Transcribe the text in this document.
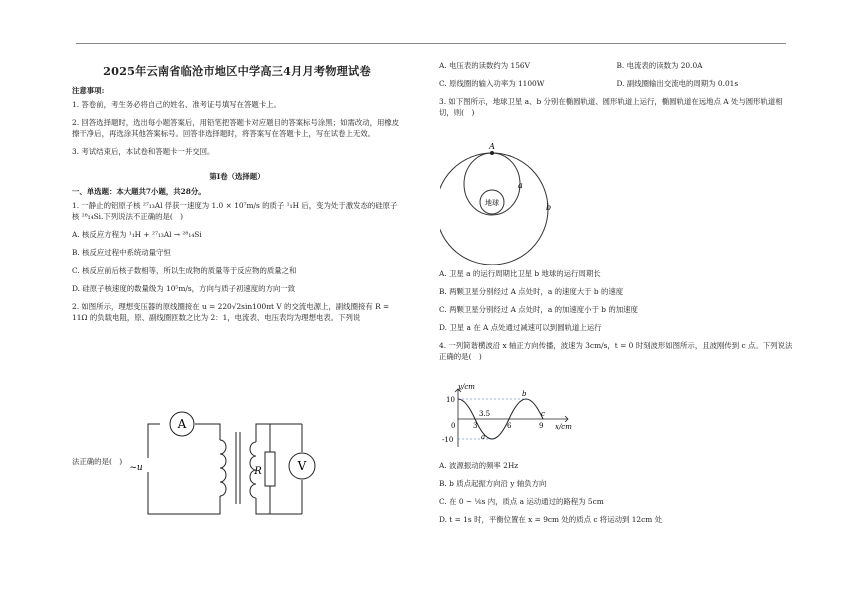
2025年云南省临沧市地区中学高三4月月考物理试卷
注意事项:
1. 答卷前，考生务必将自己的姓名、准考证号填写在答题卡上。
2. 回答选择题时，选出每小题答案后，用铅笔把答题卡对应题目的答案标号涂黑；如需改动，用橡皮擦干净后，再选涂其他答案标号。回答非选择题时，将答案写在答题卡上，写在试卷上无效。
3. 考试结束后，本试卷和答题卡一并交回。
第I卷（选择题）
一、单选题：本大题共7小题，共28分。
1. 一静止的铝原子核 ²⁷₁₃Al 俘获一速度为 1.0 × 10⁷m/s 的质子 ¹₁H 后，变为处于激发态的硅原子核 ²⁸₁₄Si.下列说法不正确的是(　)
A. 核反应方程为 ¹₁H + ²⁷₁₃Al → ²⁸₁₄Si
B. 核反应过程中系统动量守恒
C. 核反应前后核子数相等，所以生成物的质量等于反应物的质量之和
D. 硅原子核速度的数量级为 10⁵m/s，方向与质子初速度的方向一致
2. 如图所示，理想变压器的原线圈接在 u = 220√2sin100πt V 的交流电源上，副线圈接有 R = 11Ω 的负载电阻，原、副线圈匝数之比为 2：1，电流表、电压表均为理想电表。下列说
A
V
R
~u
法正确的是(　)
A. 电压表的读数约为 156V	B. 电流表的读数为 20.0A
C. 原线圈的输入功率为 1100W	D. 副线圈输出交流电的周期为 0.01s
3. 如下图所示，地球卫星 a、b 分别在椭圆轨道、圆形轨道上运行，椭圆轨道在远地点 A 处与圆形轨道相切，则(　)
A
a
b
地球
A. 卫星 a 的运行周期比卫星 b 地球的运行周期长
B. 两颗卫星分别经过 A 点处时，a 的速度大于 b 的速度
C. 两颗卫星分别经过 A 点处时，a 的加速度小于 b 的加速度
D. 卫星 a 在 A 点处通过减速可以到圆轨道上运行
4. 一列简谐横波沿 x 轴正方向传播，波速为 3cm/s，t = 0 时刻波形如图所示，且波刚传到 c 点。下列说法正确的是(　)
y/cm
x/cm
10
-10
0	3
3.5
6	9
a
b
c
A. 波源振动的频率 2Hz
B. b 质点起振方向沿 y 轴负方向
C. 在 0 ~ ⅙s 内，质点 a 运动通过的路程为 5cm
D. t = 1s 时，平衡位置在 x = 9cm 处的质点 c 将运动到 12cm 处
